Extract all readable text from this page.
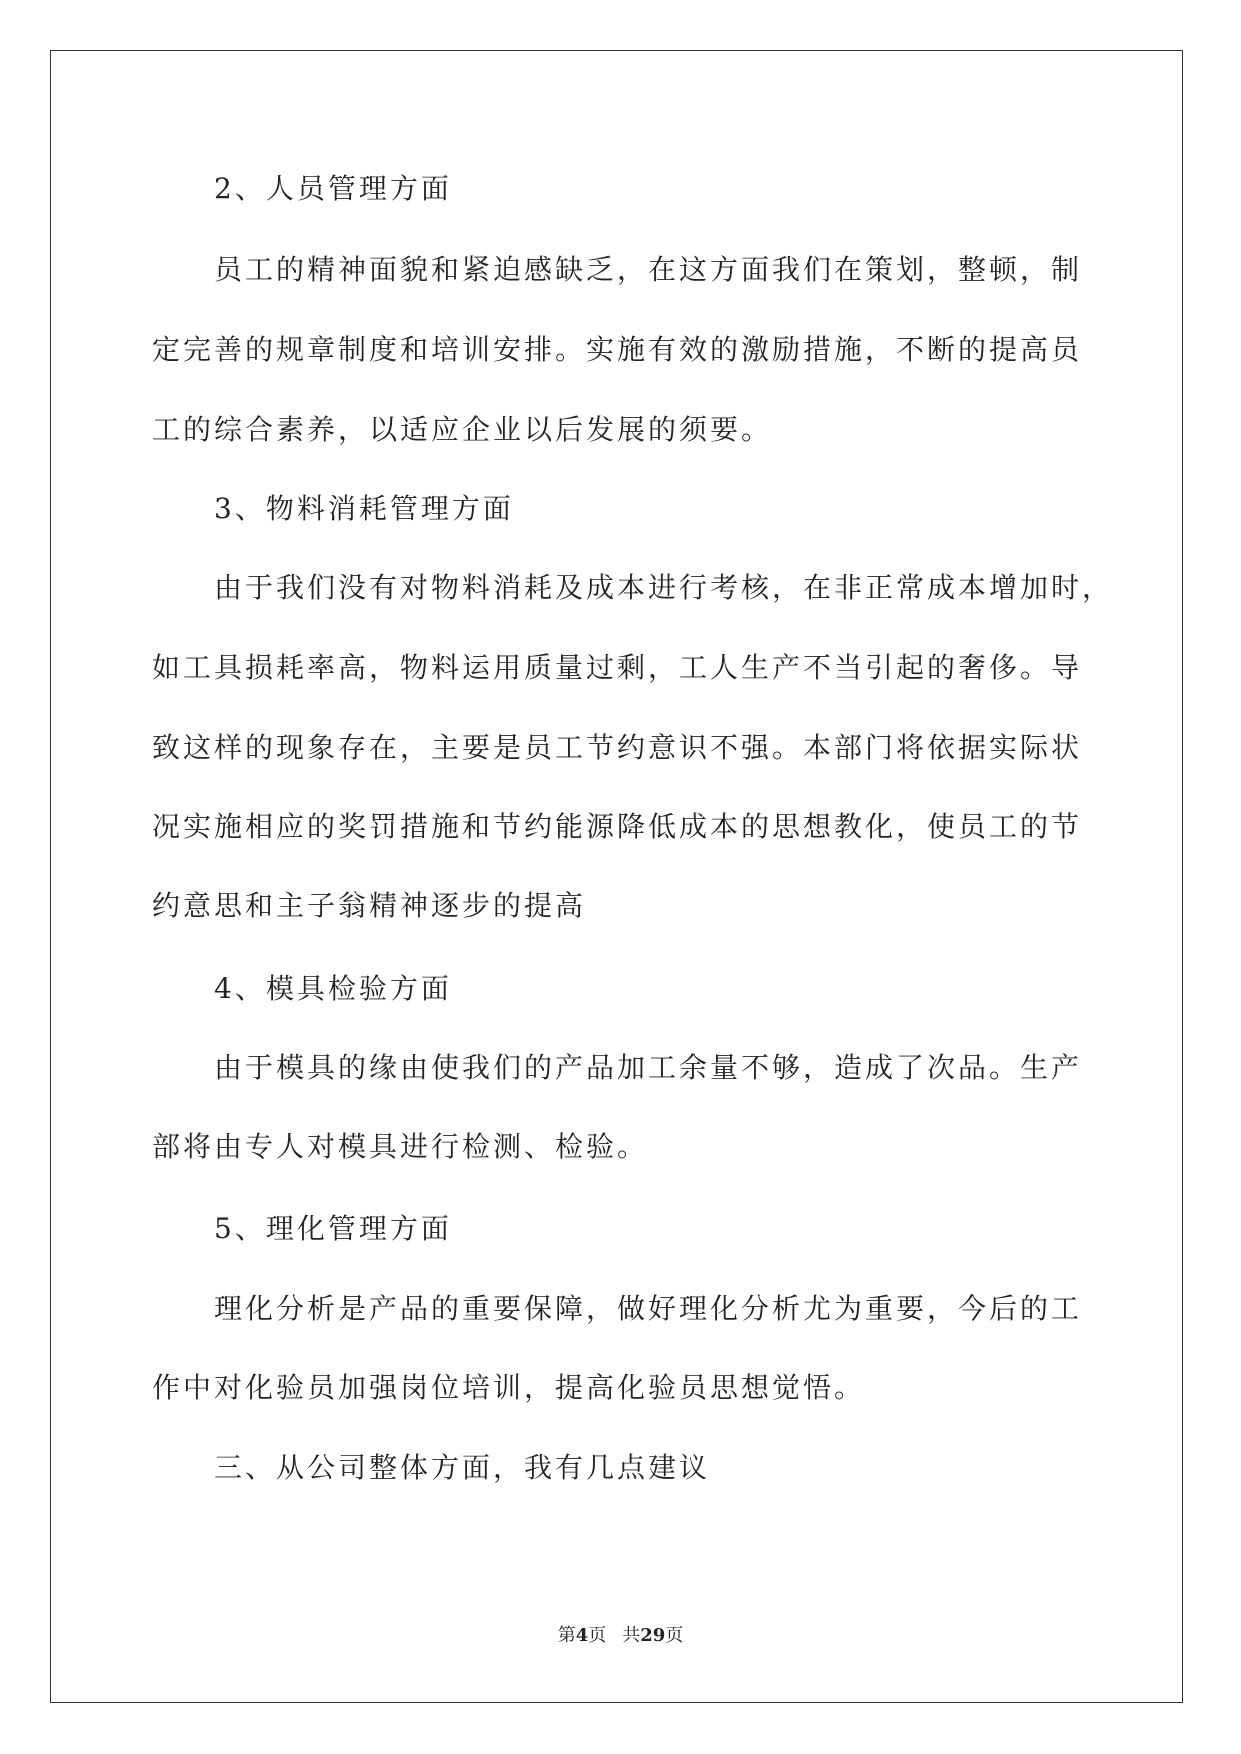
2、人员管理方面
员工的精神面貌和紧迫感缺乏，在这方面我们在策划，整顿，制
定完善的规章制度和培训安排。实施有效的激励措施，不断的提高员
工的综合素养，以适应企业以后发展的须要。
3、物料消耗管理方面
由于我们没有对物料消耗及成本进行考核，在非正常成本增加时，
如工具损耗率高，物料运用质量过剩，工人生产不当引起的奢侈。导
致这样的现象存在，主要是员工节约意识不强。本部门将依据实际状
况实施相应的奖罚措施和节约能源降低成本的思想教化，使员工的节
约意思和主子翁精神逐步的提高
4、模具检验方面
由于模具的缘由使我们的产品加工余量不够，造成了次品。生产
部将由专人对模具进行检测、检验。
5、理化管理方面
理化分析是产品的重要保障，做好理化分析尤为重要，今后的工
作中对化验员加强岗位培训，提高化验员思想觉悟。
三、从公司整体方面，我有几点建议
第4页 共29页
